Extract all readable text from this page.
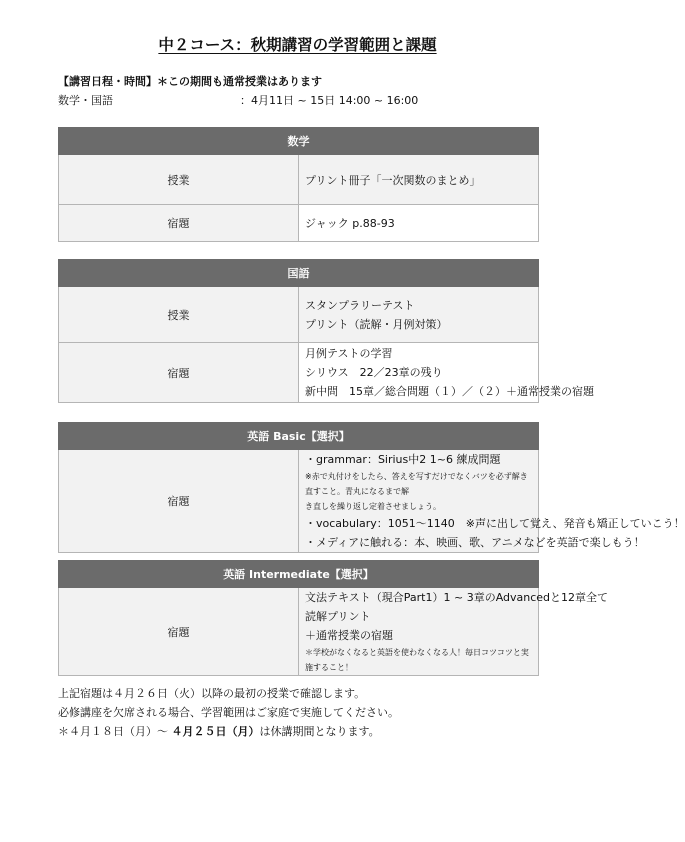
中２コース：秋期講習の学習範囲と課題
【講習日程・時間】＊この期間も通常授業はあります
数学・国語	：4月11日 ~ 15日 14:00 ~ 16:00
数学	
授業	プリント冊子「一次関数のまとめ」
宿題	ジャック p.88-93
国語	
授業	スタンプラリーテスト
プリント（読解・月例対策）

宿題	月例テストの学習
シリウス　22／23章の残り
新中問　15章／総合問題（１）／（２）＋通常授業の宿題
英語 Basic【選択】
宿題	
・grammar：Sirius中2 1~6 練成問題
※赤で丸付けをしたら、答えを写すだけでなくバツを必ず解き直すこと。青丸になるまで解
き直しを繰り返し定着させましょう。
・vocabulary：1051〜1140　※声に出して覚え、発音も矯正していこう！
・メディアに触れる：本、映画、歌、アニメなどを英語で楽しもう！
英語 Intermediate【選択】
宿題	
文法テキスト（現合Part1）1 ~ 3章のAdvancedと12章全て
読解プリント
＋通常授業の宿題
＊学校がなくなると英語を使わなくなる人！毎日コツコツと実施すること！
上記宿題は４月２６日（火）以降の最初の授業で確認します。
必修講座を欠席される場合、学習範囲はご家庭で実施してください。
＊４月１８日（月）〜 ４月２５日（月）は休講期間となります。
